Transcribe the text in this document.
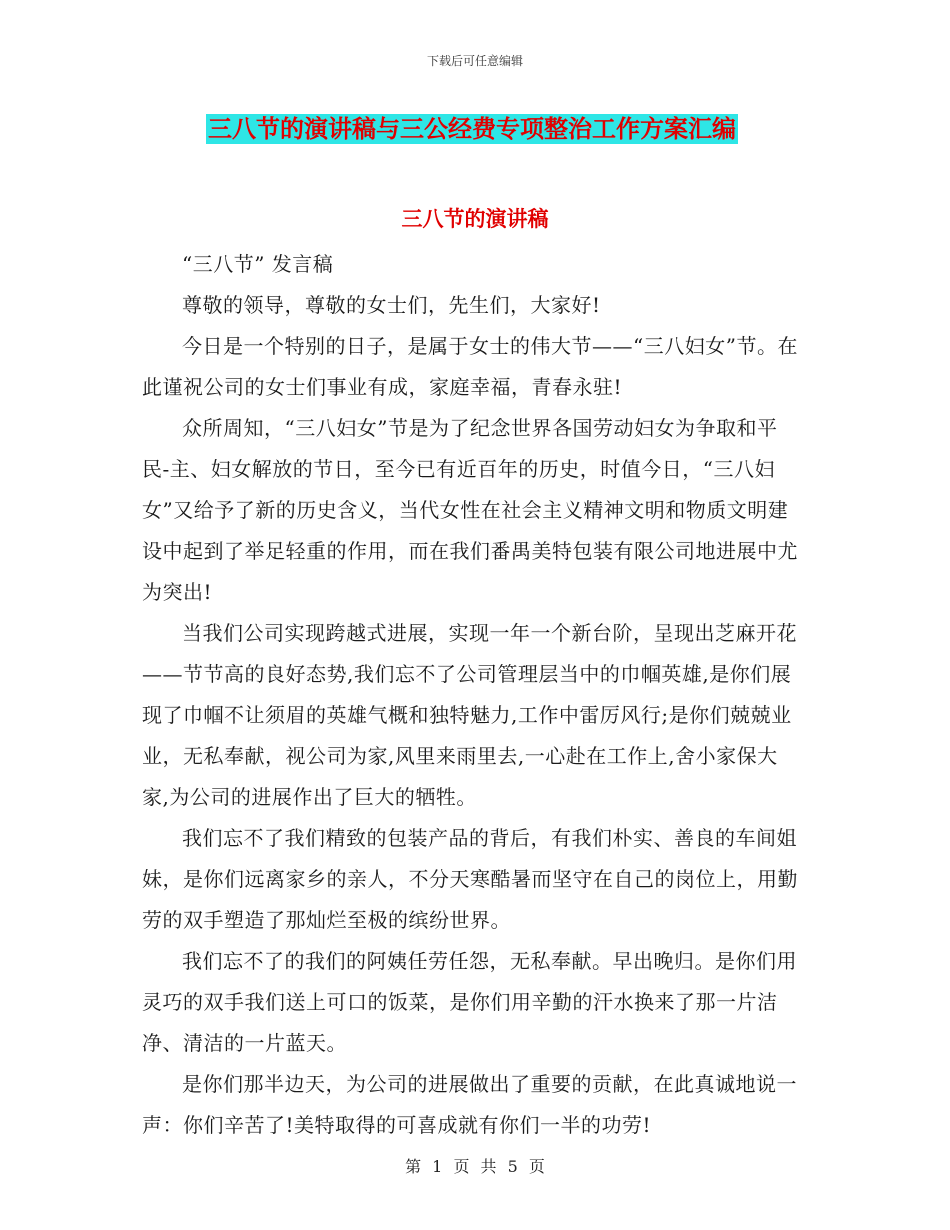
下载后可任意编辑
三八节的演讲稿与三公经费专项整治工作方案汇编
三八节的演讲稿

“三八节” 发言稿

尊敬的领导，尊敬的女士们，先生们，大家好!

今日是一个特别的日子，是属于女士的伟大节——“三八妇女”节。在此谨祝公司的女士们事业有成，家庭幸福，青春永驻!

众所周知，“三八妇女”节是为了纪念世界各国劳动妇女为争取和平民-主、妇女解放的节日，至今已有近百年的历史，时值今日，“三八妇女”又给予了新的历史含义，当代女性在社会主义精神文明和物质文明建设中起到了举足轻重的作用，而在我们番禺美特包装有限公司地进展中尤为突出!

当我们公司实现跨越式进展，实现一年一个新台阶，呈现出芝麻开花——节节高的良好态势,我们忘不了公司管理层当中的巾帼英雄,是你们展现了巾帼不让须眉的英雄气概和独特魅力,工作中雷厉风行;是你们兢兢业业，无私奉献，视公司为家,风里来雨里去,一心赴在工作上,舍小家保大家,为公司的进展作出了巨大的牺牲。

我们忘不了我们精致的包装产品的背后，有我们朴实、善良的车间姐妹，是你们远离家乡的亲人，不分天寒酷暑而坚守在自己的岗位上，用勤劳的双手塑造了那灿烂至极的缤纷世界。

我们忘不了的我们的阿姨任劳任怨，无私奉献。早出晚归。是你们用灵巧的双手我们送上可口的饭菜，是你们用辛勤的汗水换来了那一片洁净、清洁的一片蓝天。

是你们那半边天，为公司的进展做出了重要的贡献，在此真诚地说一声：你们辛苦了!美特取得的可喜成就有你们一半的功劳!

第 1 页 共 5 页
